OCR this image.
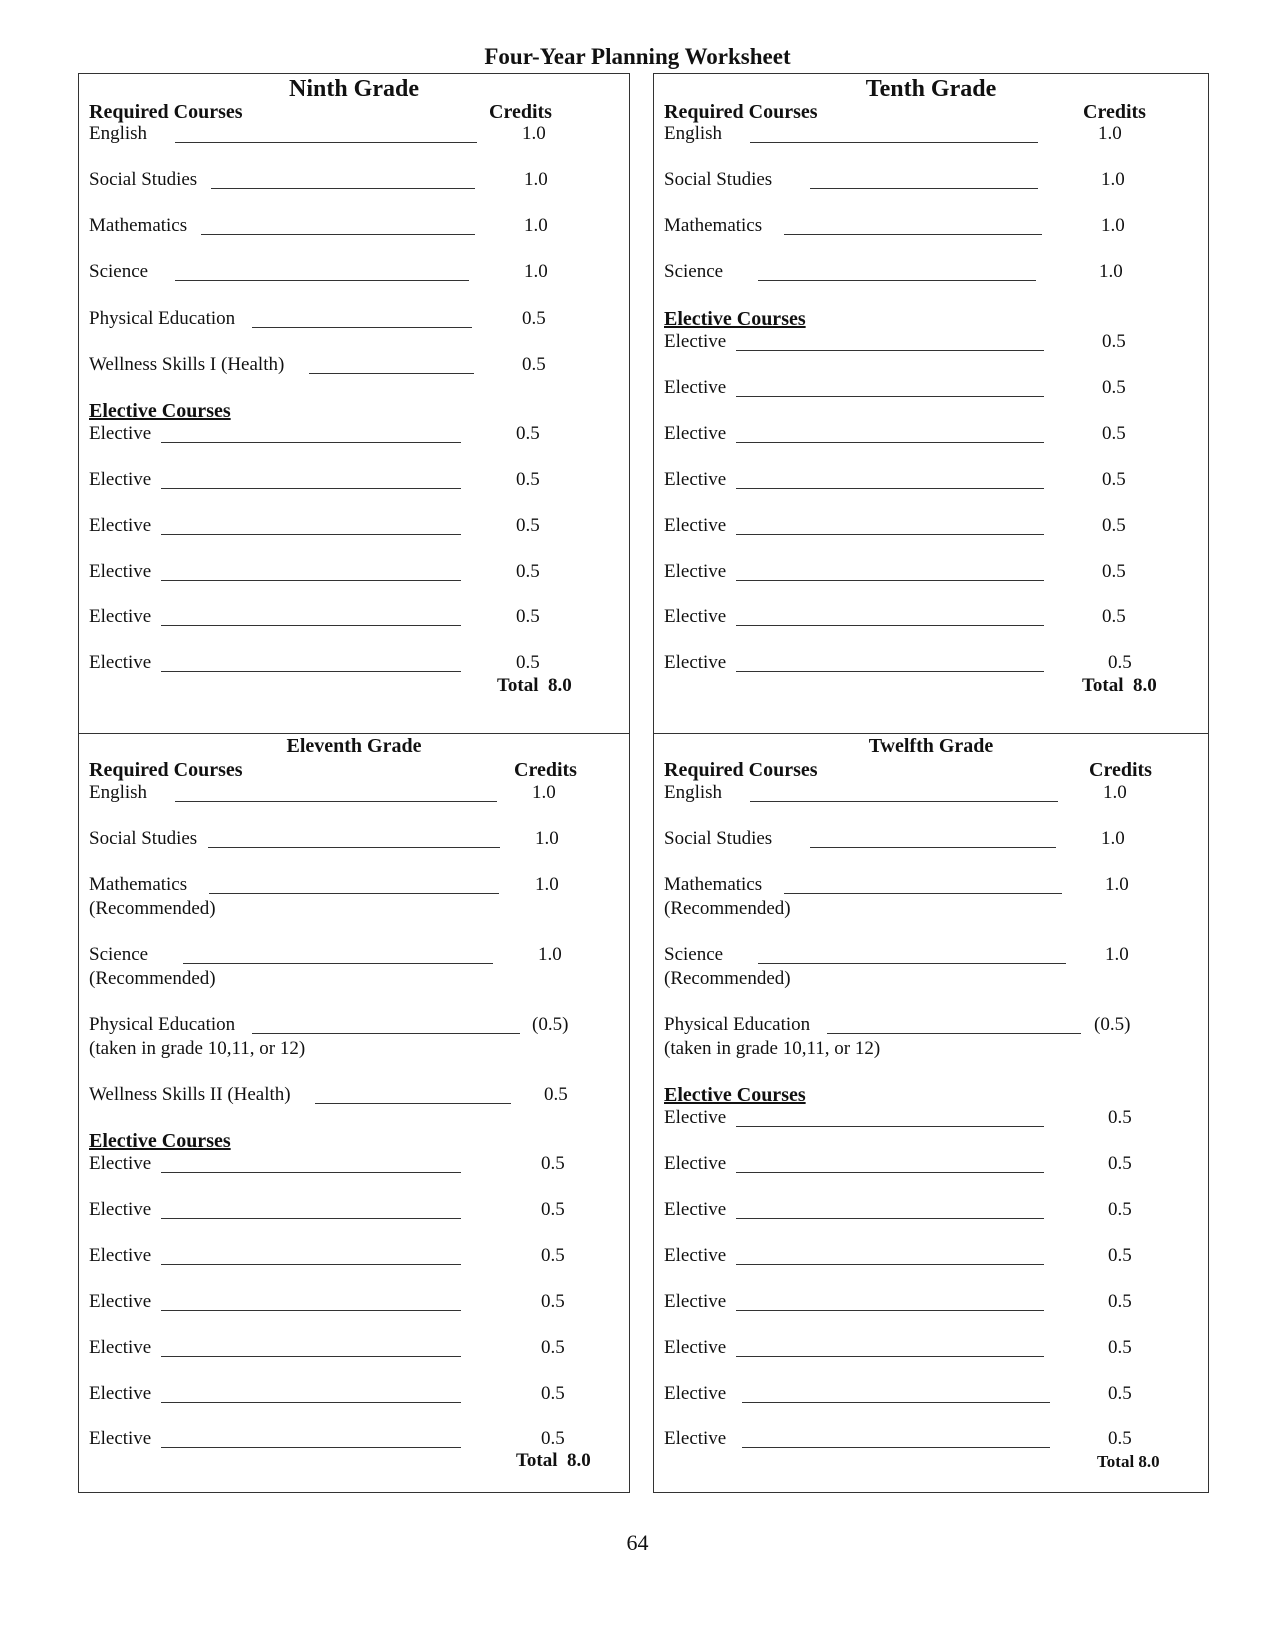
Four-Year Planning Worksheet
Ninth Grade
Required Courses	Credits
English	1.0
Social Studies	1.0
Mathematics	1.0
Science	1.0
Physical Education	0.5
Wellness Skills I (Health)	0.5
Elective Courses
Elective	0.5
Elective	0.5
Elective	0.5
Elective	0.5
Elective	0.5
Elective	0.5
Total 8.0
Tenth Grade
Required Courses	Credits
English	1.0
Social Studies	1.0
Mathematics	1.0
Science	1.0
Elective Courses
Elective	0.5
Elective	0.5
Elective	0.5
Elective	0.5
Elective	0.5
Elective	0.5
Elective	0.5
Elective	0.5
Total 8.0
Eleventh Grade
Required Courses	Credits
English	1.0
Social Studies	1.0
Mathematics	1.0
(Recommended)
Science	1.0
(Recommended)
Physical Education	(0.5)
(taken in grade 10,11, or 12)
Wellness Skills II (Health)	0.5
Elective Courses
Elective	0.5
Elective	0.5
Elective	0.5
Elective	0.5
Elective	0.5
Elective	0.5
Elective	0.5
Total 8.0
Twelfth Grade
Required Courses	Credits
English	1.0
Social Studies	1.0
Mathematics	1.0
(Recommended)
Science	1.0
(Recommended)
Physical Education	(0.5)
(taken in grade 10,11, or 12)
Elective Courses
Elective	0.5
Elective	0.5
Elective	0.5
Elective	0.5
Elective	0.5
Elective	0.5
Elective	0.5
Elective	0.5
Total 8.0
64
